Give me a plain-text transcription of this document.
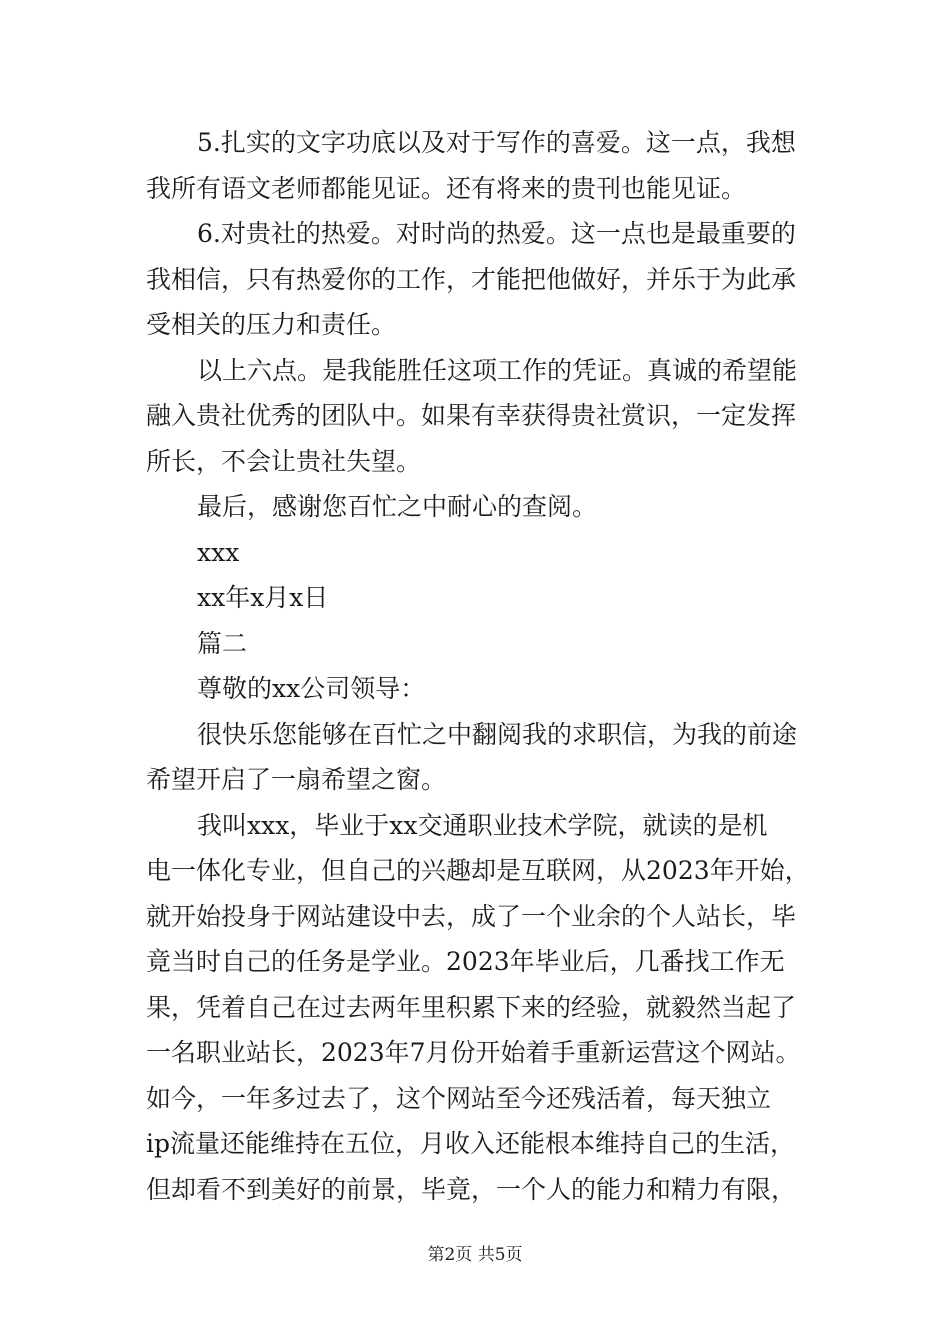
5.扎实的文字功底以及对于写作的喜爱。这一点，我想

我所有语文老师都能见证。还有将来的贵刊也能见证。

6.对贵社的热爱。对时尚的热爱。这一点也是最重要的

我相信，只有热爱你的工作，才能把他做好，并乐于为此承

受相关的压力和责任。

以上六点。是我能胜任这项工作的凭证。真诚的希望能

融入贵社优秀的团队中。如果有幸获得贵社赏识，一定发挥

所长，不会让贵社失望。

最后，感谢您百忙之中耐心的查阅。

xxx

xx年x月x日

篇二

尊敬的xx公司领导：

很快乐您能够在百忙之中翻阅我的求职信，为我的前途

希望开启了一扇希望之窗。

我叫xxx，毕业于xx交通职业技术学院，就读的是机

电一体化专业，但自己的兴趣却是互联网，从2023年开始，

就开始投身于网站建设中去，成了一个业余的个人站长，毕

竟当时自己的任务是学业。2023年毕业后，几番找工作无

果，凭着自己在过去两年里积累下来的经验，就毅然当起了

一名职业站长，2023年7月份开始着手重新运营这个网站。

如今，一年多过去了，这个网站至今还残活着，每天独立

ip流量还能维持在五位，月收入还能根本维持自己的生活，

但却看不到美好的前景，毕竟，一个人的能力和精力有限，

第2页 共5页
